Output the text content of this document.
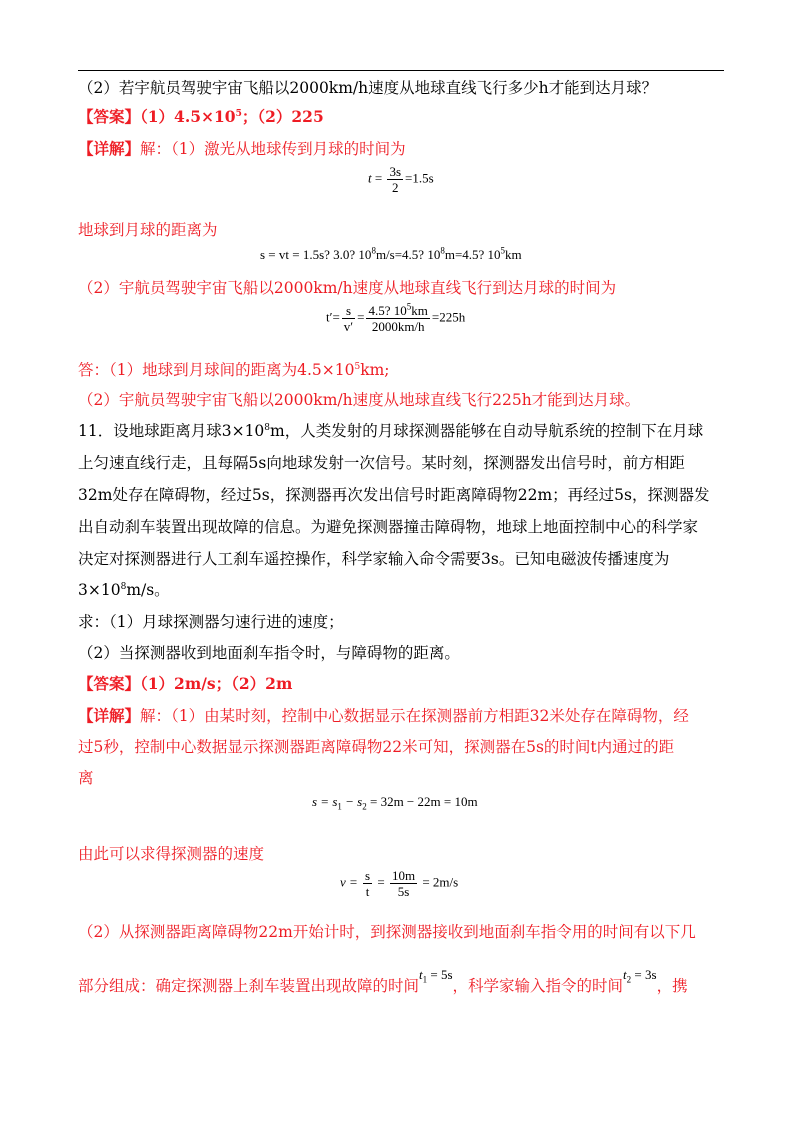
（2）若宇航员驾驶宇宙飞船以2000km/h速度从地球直线飞行多少h才能到达月球？
【答案】$(1)4.5\times 10^5$；（2）225
【详解】解：（1）激光从地球传到月球的时间为
$t = \frac{3s}{2} =1.5s$
地球到月球的距离为
s = vt = 1.5s? 3.0? $10^8m/s=4.5$? $10^8m=4.5$? $10^5km$
（2）宇航员驾驶宇宙飞船以2000km/h速度从地球直线飞行到达月球的时间为
$t'= \frac{s}{v'} = \frac{4.5? 10^5km}{2000km/h} =225h$
答：（1）地球到月球间的距离为$4.5\times 10^5km$;
（2）宇航员驾驶宇宙飞船以2000km/h速度从地球直线飞行225h才能到达月球。
11．设地球距离月球$3\times 10^8m$，人类发射的月球探测器能够在自动导航系统的控制下在月球
上匀速直线行走，且每隔5s向地球发射一次信号。某时刻，探测器发出信号时，前方相距
32m处存在障碍物，经过5s，探测器再次发出信号时距离障碍物22m；再经过5s，探测器发
出自动刹车装置出现故障的信息。为避免探测器撞击障碍物，地球上地面控制中心的科学家
决定对探测器进行人工刹车遥控操作，科学家输入命令需要3s。已知电磁波传播速度为
$3\times 10^8m/s$。
求：（1）月球探测器匀速行进的速度；
（2）当探测器收到地面刹车指令时，与障碍物的距离。
【答案】（1）2m/s；（2）2m
【详解】解：（1）由某时刻，控制中心数据显示在探测器前方相距32米处存在障碍物，经
过5秒，控制中心数据显示探测器距离障碍物22米可知，探测器在5s的时间t内通过的距
离
$s = s_1 - s_2 = 32m - 22m = 10m$
由此可以求得探测器的速度
$v = \frac{s}{t} = \frac{10m}{5s} = 2m/s$
（2）从探测器距离障碍物22m开始计时，到探测器接收到地面刹车指令用的时间有以下几
部分组成：确定探测器上刹车装置出现故障的时间$^{t_1 = 5s}$，科学家输入指令的时间$^{t_2 = 3s}$，携
